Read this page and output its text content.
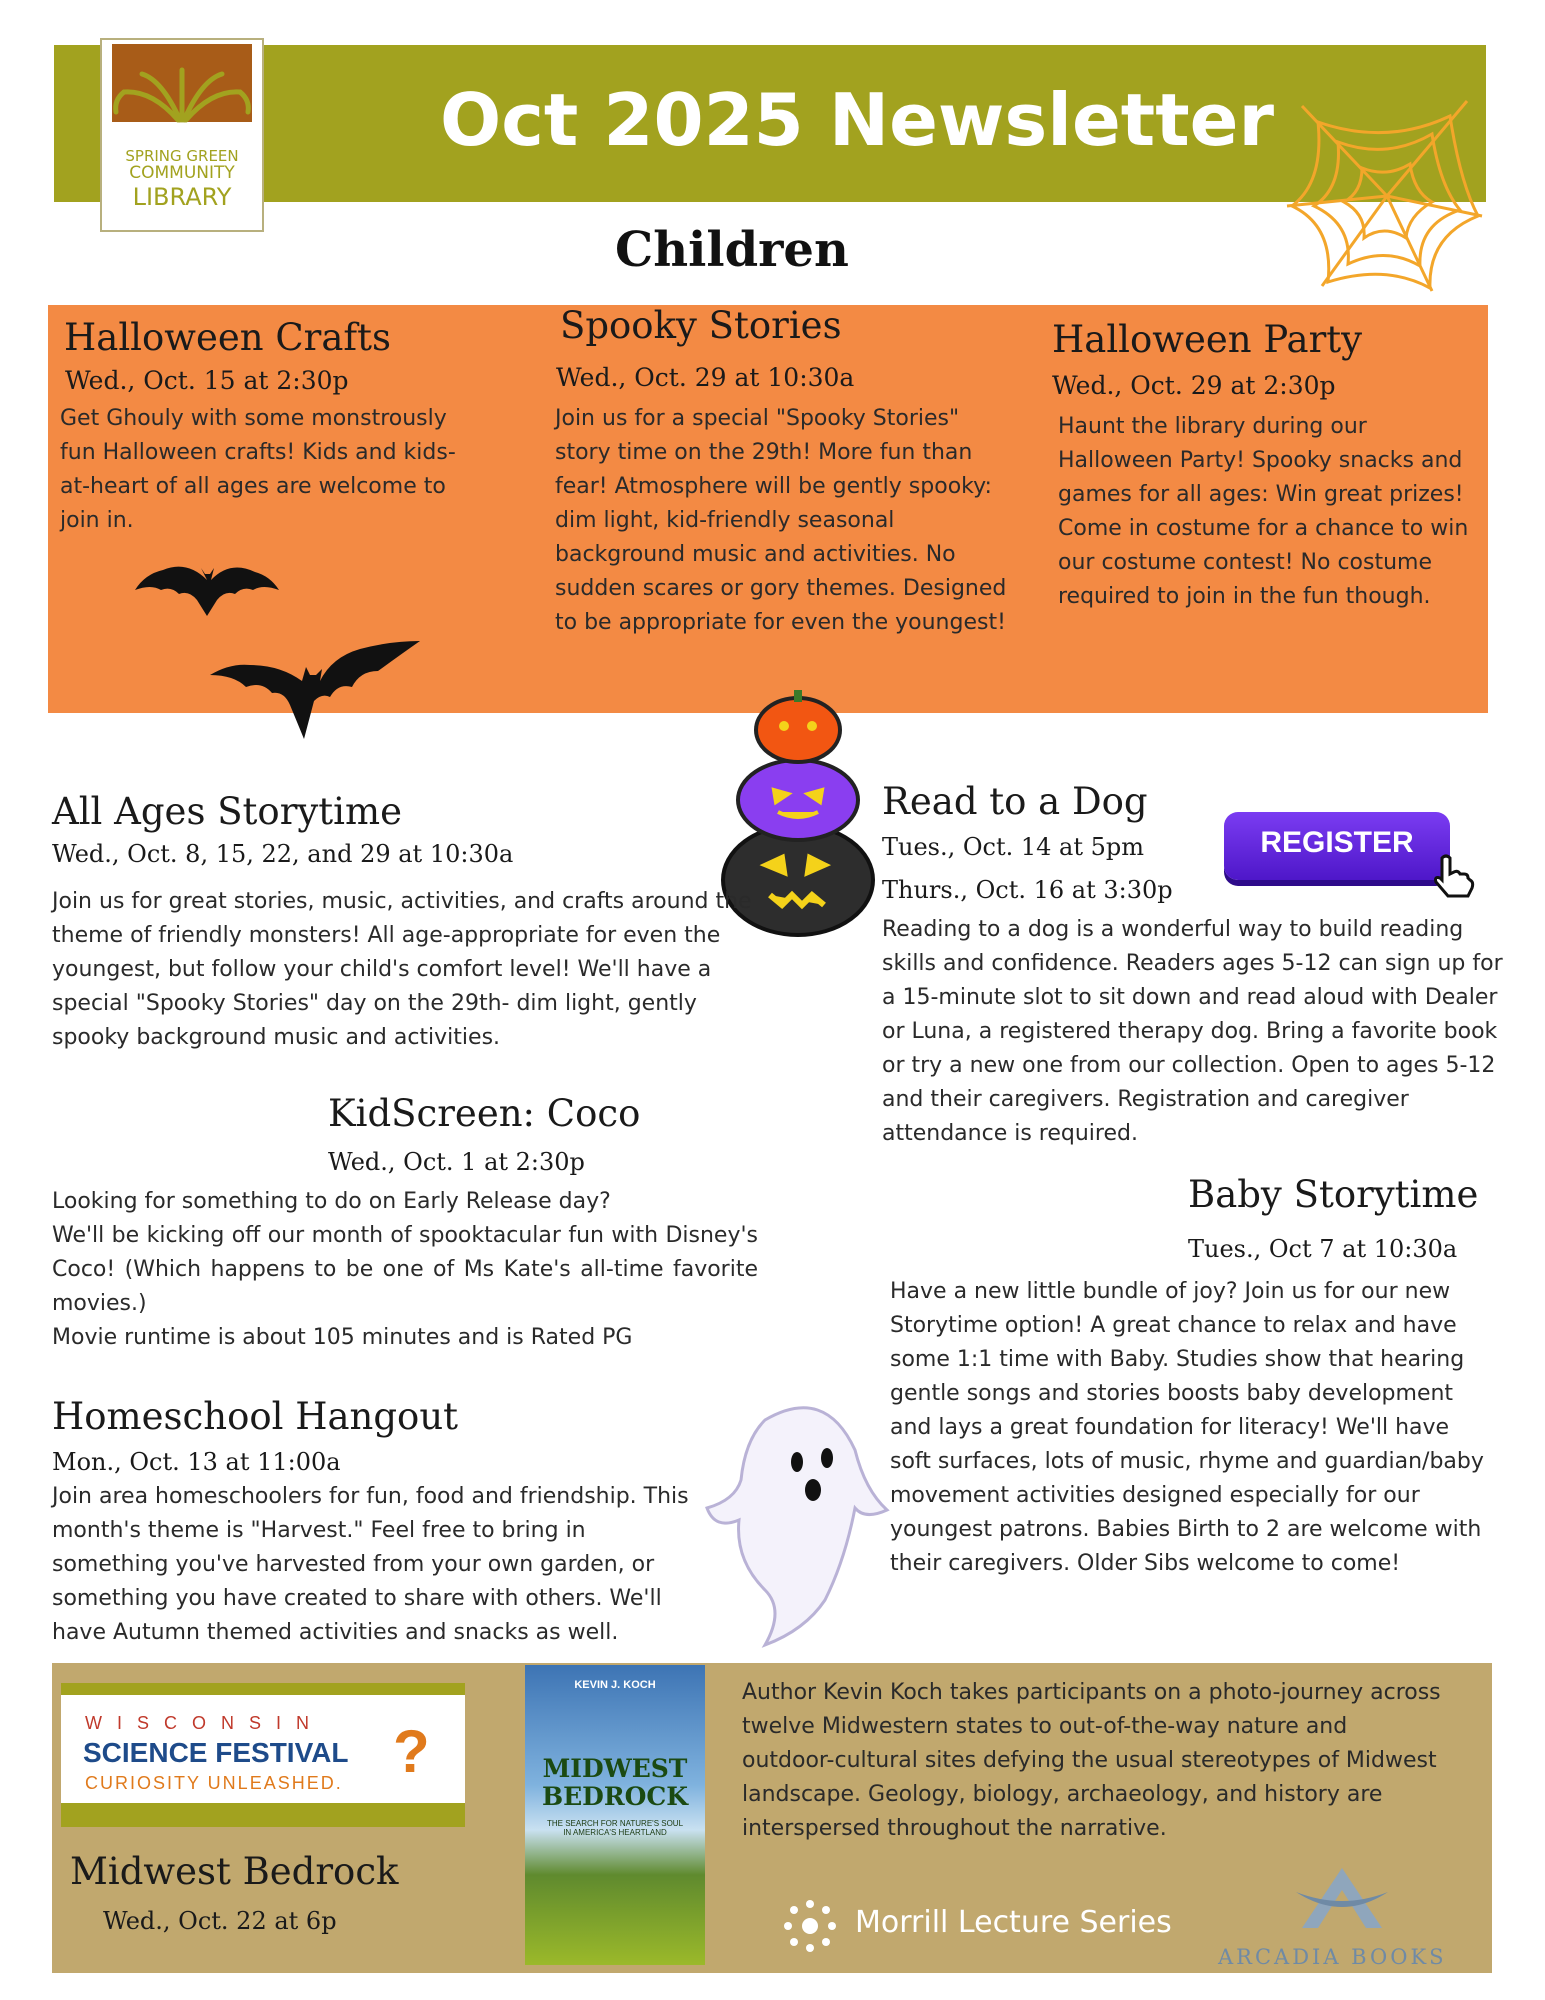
SPRING GREEN
COMMUNITY
LIBRARY
Oct 2025 Newsletter
Children
Halloween Crafts
Wed., Oct. 15 at 2:30p
Get Ghouly with some monstrously fun Halloween crafts! Kids and kids-at-heart of all ages are welcome to join in.
Spooky Stories
Wed., Oct. 29 at 10:30a
Join us for a special "Spooky Stories" story time on the 29th! More fun than fear! Atmosphere will be gently spooky: dim light, kid-friendly seasonal background music and activities. No sudden scares or gory themes. Designed to be appropriate for even the youngest!
Halloween Party
Wed., Oct. 29 at 2:30p
Haunt the library during our Halloween Party! Spooky snacks and games for all ages: Win great prizes! Come in costume for a chance to win our costume contest! No costume required to join in the fun though.
All Ages Storytime
Wed., Oct. 8, 15, 22, and 29 at 10:30a
Join us for great stories, music, activities, and crafts around the theme of friendly monsters! All age-appropriate for even the youngest, but follow your child's comfort level! We'll have a special "Spooky Stories" day on the 29th- dim light, gently spooky background music and activities.
KidScreen: Coco
Wed., Oct. 1 at 2:30p

Looking for something to do on Early Release day?

We'll be kicking off our month of spooktacular fun with Disney's Coco! (Which happens to be one of Ms Kate's all-time favorite movies.)

Movie runtime is about 105 minutes and is Rated PG

Homeschool Hangout
Mon., Oct. 13 at 11:00a
Join area homeschoolers for fun, food and friendship. This month's theme is "Harvest." Feel free to bring in something you've harvested from your own garden, or something you have created to share with others. We'll have Autumn themed activities and snacks as well.
Read to a Dog
Tues., Oct. 14 at 5pm
Thurs., Oct. 16 at 3:30p
REGISTER
Reading to a dog is a wonderful way to build reading skills and confidence. Readers ages 5-12 can sign up for a 15-minute slot to sit down and read aloud with Dealer or Luna, a registered therapy dog. Bring a favorite book or try a new one from our collection. Open to ages 5-12 and their caregivers. Registration and caregiver attendance is required.
Baby Storytime
Tues., Oct 7 at 10:30a
Have a new little bundle of joy? Join us for our new Storytime option! A great chance to relax and have some 1:1 time with Baby. Studies show that hearing gentle songs and stories boosts baby development and lays a great foundation for literacy! We'll have soft surfaces, lots of music, rhyme and guardian/baby movement activities designed especially for our youngest patrons. Babies Birth to 2 are welcome with their caregivers. Older Sibs welcome to come!
WISCONSIN
SCIENCE FESTIVAL
CURIOSITY UNLEASHED. ?
Midwest Bedrock
Wed., Oct. 22 at 6p
KEVIN J. KOCH
MIDWEST
BEDROCK
THE SEARCH FOR NATURE'S SOUL IN AMERICA'S HEARTLAND
Author Kevin Koch takes participants on a photo-journey across twelve Midwestern states to out-of-the-way nature and outdoor-cultural sites defying the usual stereotypes of Midwest landscape. Geology, biology, archaeology, and history are interspersed throughout the narrative.
Morrill Lecture Series
ARCADIA BOOKS
